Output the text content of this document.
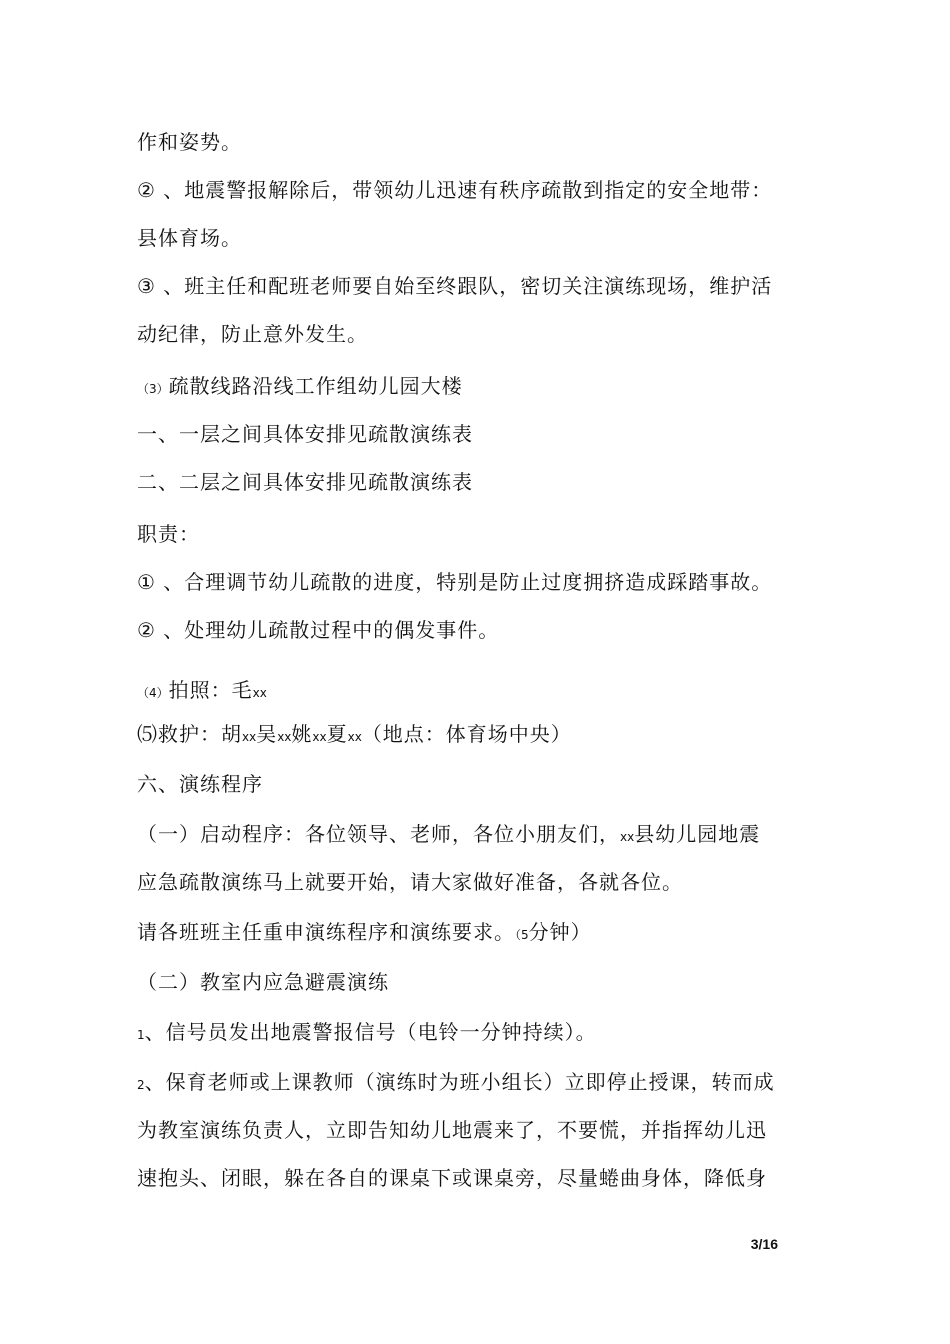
作和姿势。
② 、地震警报解除后，带领幼儿迅速有秩序疏散到指定的安全地带：
县体育场。
③ 、班主任和配班老师要自始至终跟队，密切关注演练现场，维护活
动纪律，防止意外发生。
（3）疏散线路沿线工作组幼儿园大楼
一、一层之间具体安排见疏散演练表
二、二层之间具体安排见疏散演练表
职责：
① 、合理调节幼儿疏散的进度，特别是防止过度拥挤造成踩踏事故。
② 、处理幼儿疏散过程中的偶发事件。
（4）拍照：毛xx
⑸救护：胡xx吴xx姚xx夏xx（地点：体育场中央）
六、演练程序
（一）启动程序：各位领导、老师，各位小朋友们，xx县幼儿园地震
应急疏散演练马上就要开始，请大家做好准备，各就各位。
请各班班主任重申演练程序和演练要求。（5分钟）
（二）教室内应急避震演练
1、信号员发出地震警报信号（电铃一分钟持续）。
2、保育老师或上课教师（演练时为班小组长）立即停止授课，转而成
为教室演练负责人，立即告知幼儿地震来了，不要慌，并指挥幼儿迅
速抱头、闭眼，躲在各自的课桌下或课桌旁，尽量蜷曲身体，降低身
3/16
